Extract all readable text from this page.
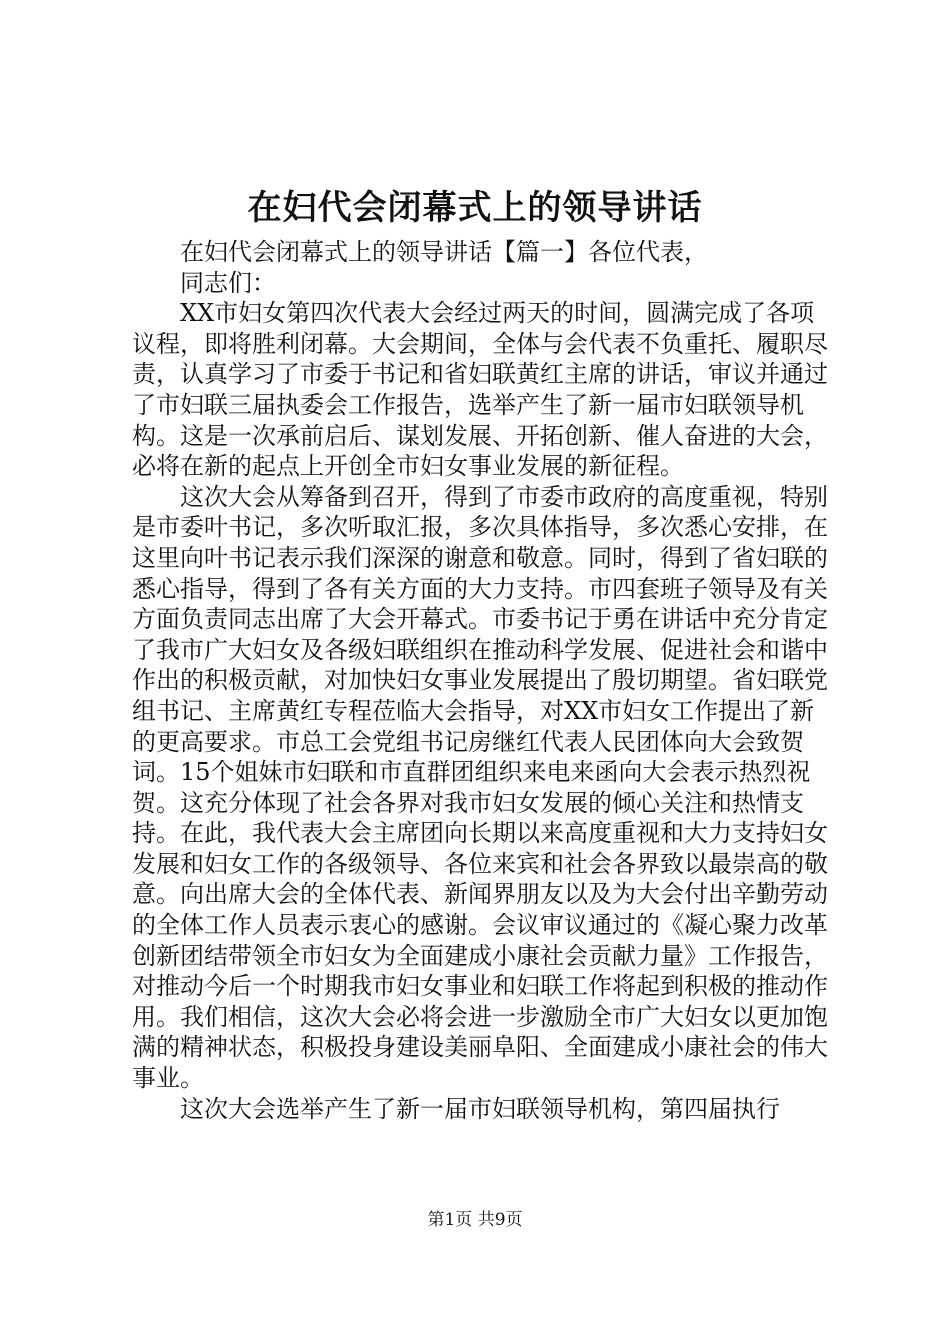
在妇代会闭幕式上的领导讲话

在妇代会闭幕式上的领导讲话【篇一】各位代表，

同志们：

XX市妇女第四次代表大会经过两天的时间，圆满完成了各项议程，即将胜利闭幕。大会期间，全体与会代表不负重托、履职尽责，认真学习了市委于书记和省妇联黄红主席的讲话，审议并通过了市妇联三届执委会工作报告，选举产生了新一届市妇联领导机构。这是一次承前启后、谋划发展、开拓创新、催人奋进的大会，必将在新的起点上开创全市妇女事业发展的新征程。

这次大会从筹备到召开，得到了市委市政府的高度重视，特别是市委叶书记，多次听取汇报，多次具体指导，多次悉心安排，在这里向叶书记表示我们深深的谢意和敬意。同时，得到了省妇联的悉心指导，得到了各有关方面的大力支持。市四套班子领导及有关方面负责同志出席了大会开幕式。市委书记于勇在讲话中充分肯定了我市广大妇女及各级妇联组织在推动科学发展、促进社会和谐中作出的积极贡献，对加快妇女事业发展提出了殷切期望。省妇联党组书记、主席黄红专程莅临大会指导，对XX市妇女工作提出了新的更高要求。市总工会党组书记房继红代表人民团体向大会致贺词。15个姐妹市妇联和市直群团组织来电来函向大会表示热烈祝贺。这充分体现了社会各界对我市妇女发展的倾心关注和热情支持。在此，我代表大会主席团向长期以来高度重视和大力支持妇女发展和妇女工作的各级领导、各位来宾和社会各界致以最崇高的敬意。向出席大会的全体代表、新闻界朋友以及为大会付出辛勤劳动的全体工作人员表示衷心的感谢。会议审议通过的《凝心聚力改革创新团结带领全市妇女为全面建成小康社会贡献力量》工作报告，对推动今后一个时期我市妇女事业和妇联工作将起到积极的推动作用。我们相信，这次大会必将会进一步激励全市广大妇女以更加饱满的精神状态，积极投身建设美丽阜阳、全面建成小康社会的伟大事业。

这次大会选举产生了新一届市妇联领导机构，第四届执行

第1页 共9页
